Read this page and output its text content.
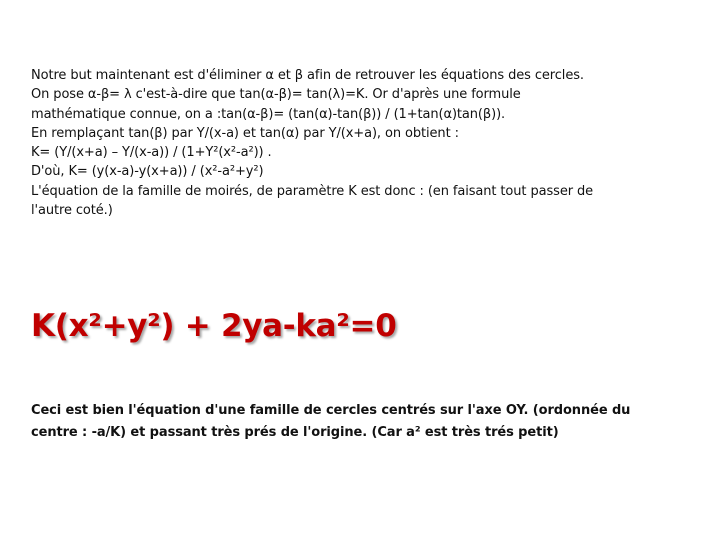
Notre but maintenant est d'éliminer α et β afin de retrouver les équations des cercles.

On pose α-β= λ c'est-à-dire que tan(α-β)= tan(λ)=K. Or d'après une formule

mathématique connue, on a :tan(α-β)= (tan(α)-tan(β)) / (1+tan(α)tan(β)).

En remplaçant tan(β) par Y/(x-a) et tan(α) par Y/(x+a), on obtient :

K= (Y/(x+a) – Y/(x-a)) / (1+Y²(x²-a²)) .

D'où, K= (y(x-a)-y(x+a)) / (x²-a²+y²)

L'équation de la famille de moirés, de paramètre K est donc : (en faisant tout passer de

l'autre coté.)

K(x²+y²) + 2ya-ka²=0

Ceci est bien l'équation d'une famille de cercles centrés sur l'axe OY. (ordonnée du

centre : -a/K) et passant très prés de l'origine. (Car a² est très trés petit)
